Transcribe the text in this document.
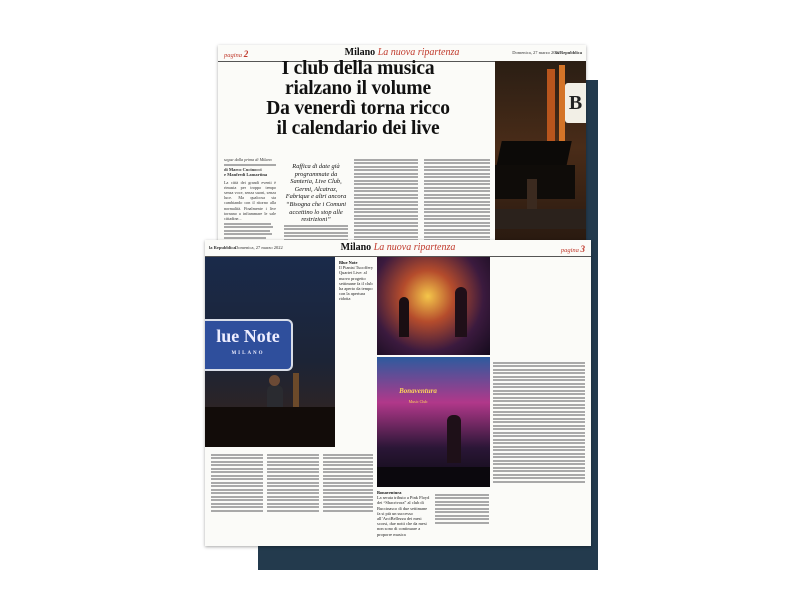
pagina 2	Milano La nuova ripartenza	Domenica, 27 marzo 2022
la Repubblica
I club della musica
rialzano il volume
Da venerdì torna ricco
il calendario dei live
B
segue dalla prima di Milano
di Marco Cucinocci
e Manfredi Lamartina
La città dei grandi eventi è rimasta per troppo tempo senza voce, senza suoni, senza luce. Ma qualcosa sta cambiando con il ritorno alla normalità. Finalmente i live tornano a infiammare le sale cittadine...
Raffica di date già programmate da Santeria, Live Club, Germi, Alcatraz, Fabrique e altri ancora “Bisogna che i Comuni accettino lo stop alle restrizioni”
la Repubblica Domenica, 27 marzo 2022	Milano La nuova ripartenza	pagina 3
lue Note
MILANO
Blue Note
Il Pianist Tucoffery Quartet Live: al nuovo progetto settimane fa il club ha aperto da tempo con la apertura ridotta
Bonaventura
Music Club
Bonaventura
La serata tributo a Pink Floyd dei “Shacrivora” al club di Buccinasco di due settimane fa si ptà un successo all’ArciBellezza dei mesi scorsi, due notti che da mesi non sono di continuare a proporre musica
